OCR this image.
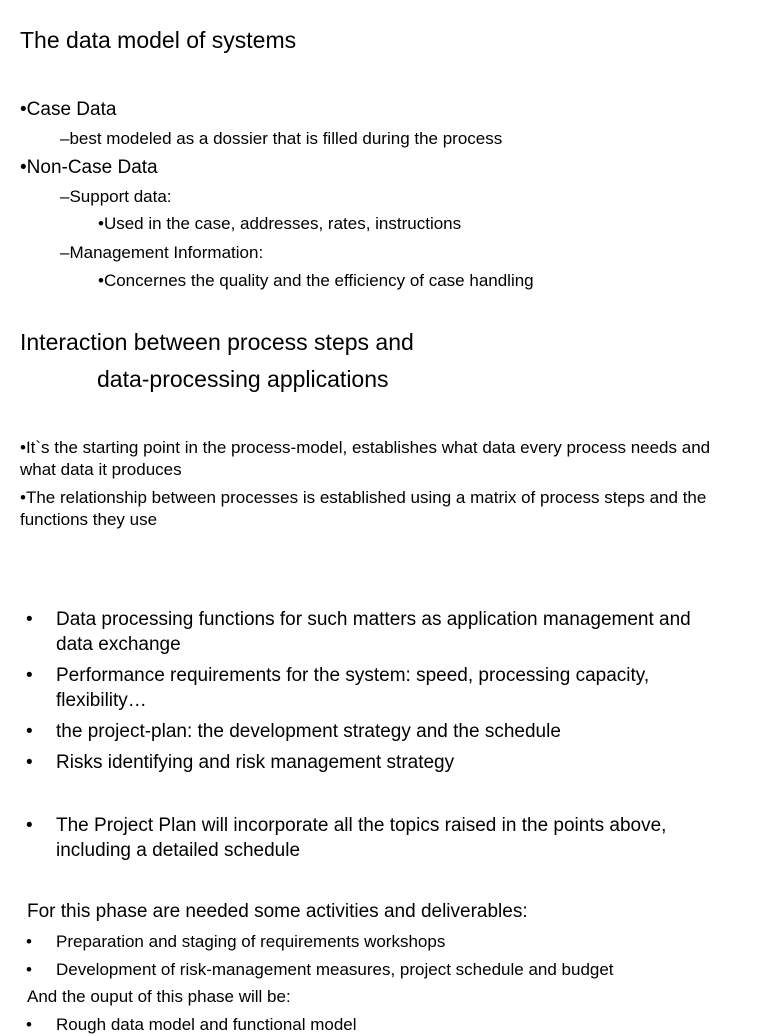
The data model of systems
•Case Data
–best modeled as a dossier that is filled during the process
•Non-Case Data
–Support data:
•Used in the case, addresses, rates, instructions
–Management Information:
•Concernes the quality and the efficiency of case handling
Interaction between process steps and
data-processing applications
•It`s the starting point in the process-model, establishes what data every process needs and what data it produces
•The relationship between processes is established using a matrix of process steps and the functions they use
•	Data processing functions for such matters as application management and data exchange
•	Performance requirements for the system: speed, processing capacity, flexibility…
•	the project-plan: the development strategy and the schedule
•	Risks identifying and risk management strategy
•	The Project Plan will incorporate all the topics raised in the points above, including a detailed schedule
For this phase are needed some activities and deliverables:
•	Preparation and staging of requirements workshops
•	Development of risk-management measures, project schedule and budget
And the ouput of this phase will be:
•	Rough data model and functional model
